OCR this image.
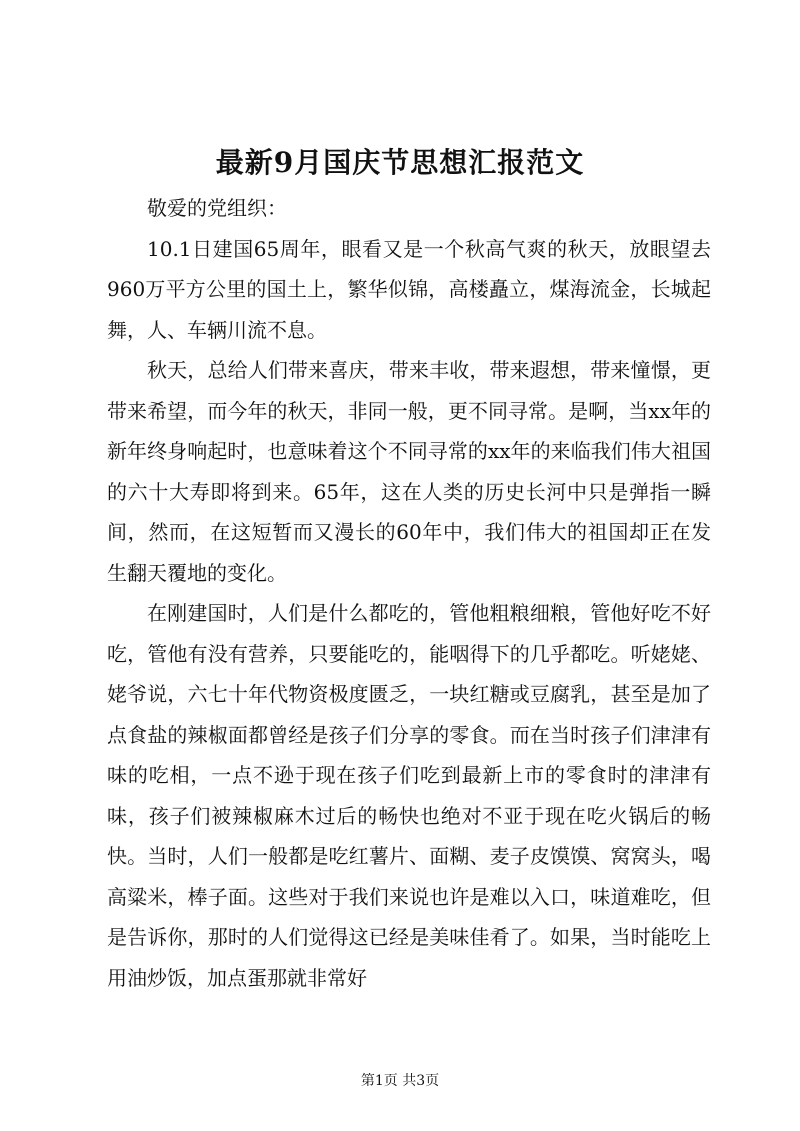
最新9月国庆节思想汇报范文

敬爱的党组织：

10.1日建国65周年，眼看又是一个秋高气爽的秋天，放眼望去960万平方公里的国土上，繁华似锦，高楼矗立，煤海流金，长城起舞，人、车辆川流不息。

秋天，总给人们带来喜庆，带来丰收，带来遐想，带来憧憬，更带来希望，而今年的秋天，非同一般，更不同寻常。是啊，当xx年的新年终身响起时，也意味着这个不同寻常的xx年的来临我们伟大祖国的六十大寿即将到来。65年，这在人类的历史长河中只是弹指一瞬间，然而，在这短暂而又漫长的60年中，我们伟大的祖国却正在发生翻天覆地的变化。

在刚建国时，人们是什么都吃的，管他粗粮细粮，管他好吃不好吃，管他有没有营养，只要能吃的，能咽得下的几乎都吃。听姥姥、姥爷说，六七十年代物资极度匮乏，一块红糖或豆腐乳，甚至是加了点食盐的辣椒面都曾经是孩子们分享的零食。而在当时孩子们津津有味的吃相，一点不逊于现在孩子们吃到最新上市的零食时的津津有味，孩子们被辣椒麻木过后的畅快也绝对不亚于现在吃火锅后的畅快。当时，人们一般都是吃红薯片、面糊、麦子皮馍馍、窝窝头，喝高粱米，棒子面。这些对于我们来说也许是难以入口，味道难吃，但是告诉你，那时的人们觉得这已经是美味佳肴了。如果，当时能吃上用油炒饭，加点蛋那就非常好

第1页 共3页
